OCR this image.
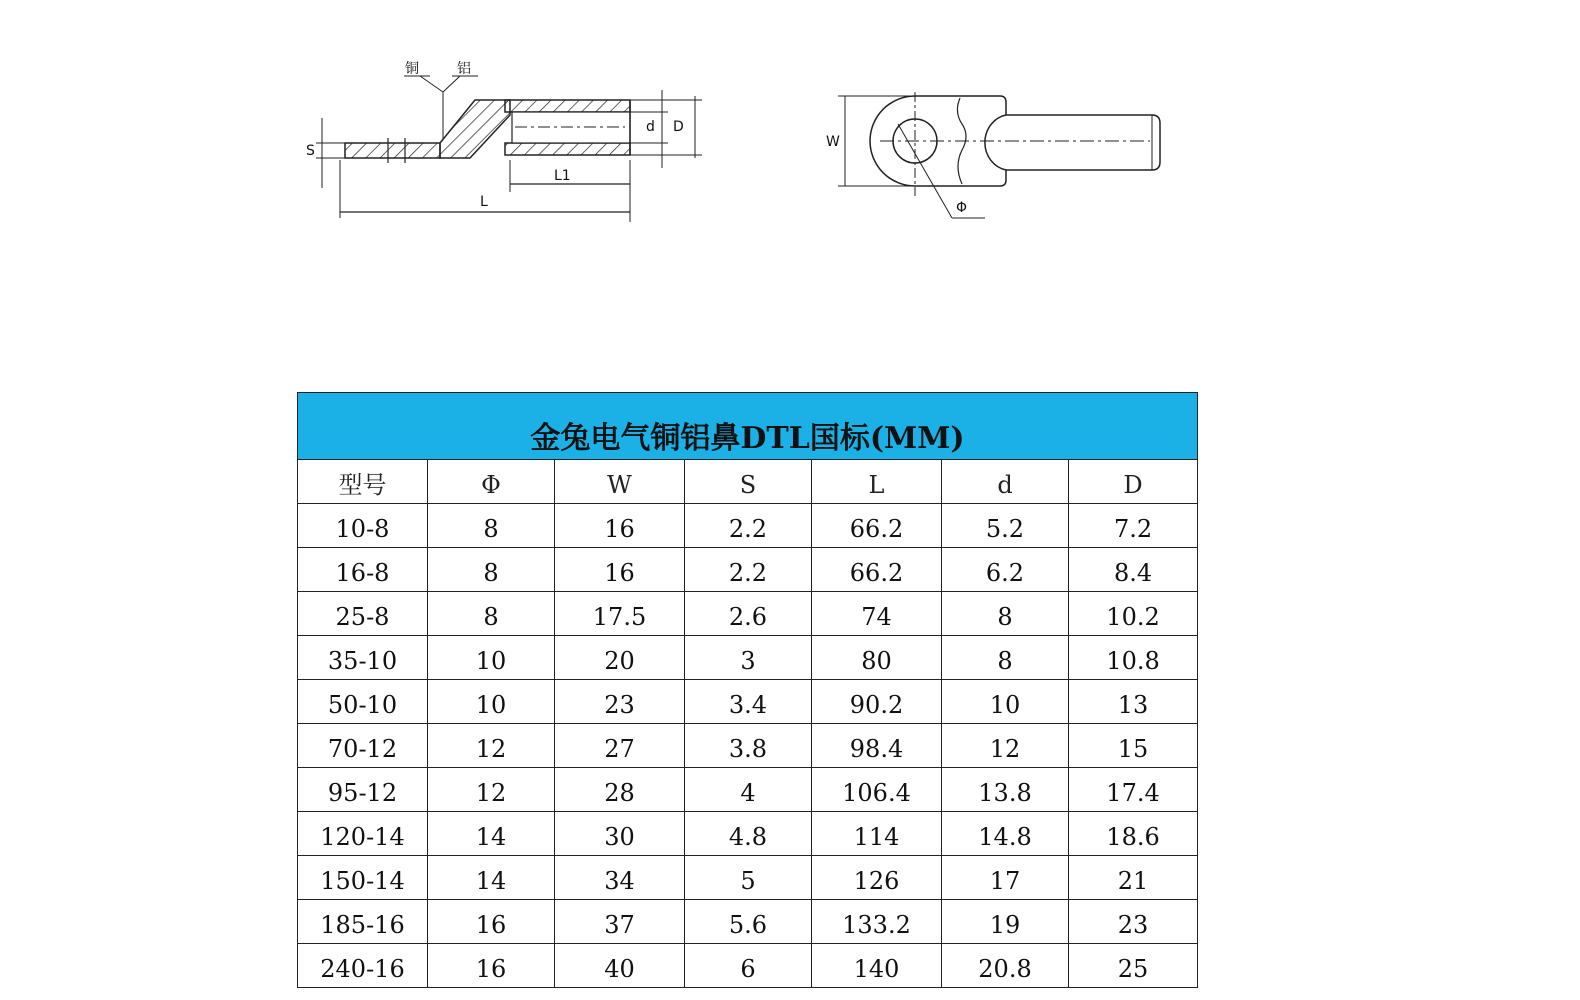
铜	铝
S
d D
L1
L
W
Φ
金兔电气铜铝鼻DTL国标(MM)						
型号	Φ	W	S	L	d	D
10-8	8	16	2.2	66.2	5.2	7.2
16-8	8	16	2.2	66.2	6.2	8.4
25-8	8	17.5	2.6	74	8	10.2
35-10	10	20	3	80	8	10.8
50-10	10	23	3.4	90.2	10	13
70-12	12	27	3.8	98.4	12	15
95-12	12	28	4	106.4	13.8	17.4
120-14	14	30	4.8	114	14.8	18.6
150-14	14	34	5	126	17	21
185-16	16	37	5.6	133.2	19	23
240-16	16	40	6	140	20.8	25
